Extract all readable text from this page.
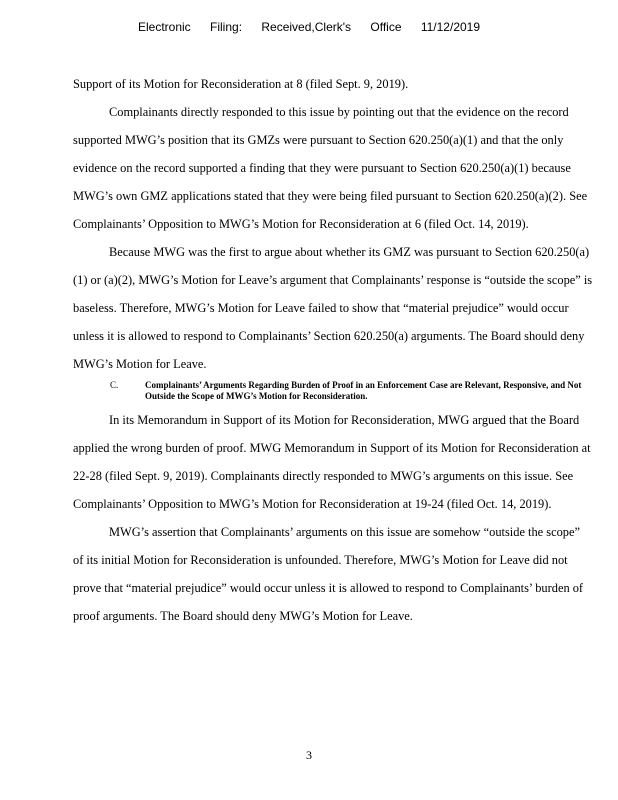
Electronic Filing: Received,Clerk's Office 11/12/2019

Support of its Motion for Reconsideration at 8 (filed Sept. 9, 2019).

Complainants directly responded to this issue by pointing out that the evidence on the record supported MWG’s position that its GMZs were pursuant to Section 620.250(a)(1) and that the only evidence on the record supported a finding that they were pursuant to Section 620.250(a)(1) because MWG’s own GMZ applications stated that they were being filed pursuant to Section 620.250(a)(2). See Complainants’ Opposition to MWG’s Motion for Reconsideration at 6 (filed Oct. 14, 2019).

Because MWG was the first to argue about whether its GMZ was pursuant to Section 620.250(a)(1) or (a)(2), MWG’s Motion for Leave’s argument that Complainants’ response is “outside the scope” is baseless. Therefore, MWG’s Motion for Leave failed to show that “material prejudice” would occur unless it is allowed to respond to Complainants’ Section 620.250(a) arguments. The Board should deny MWG’s Motion for Leave.

C.	Complainants’ Arguments Regarding Burden of Proof in an Enforcement Case are Relevant, Responsive, and Not Outside the Scope of MWG’s Motion for Reconsideration.

In its Memorandum in Support of its Motion for Reconsideration, MWG argued that the Board applied the wrong burden of proof. MWG Memorandum in Support of its Motion for Reconsideration at 22-28 (filed Sept. 9, 2019). Complainants directly responded to MWG’s arguments on this issue. See Complainants’ Opposition to MWG’s Motion for Reconsideration at 19-24 (filed Oct. 14, 2019).

MWG’s assertion that Complainants’ arguments on this issue are somehow “outside the scope” of its initial Motion for Reconsideration is unfounded. Therefore, MWG’s Motion for Leave did not prove that “material prejudice” would occur unless it is allowed to respond to Complainants’ burden of proof arguments. The Board should deny MWG’s Motion for Leave.

3
